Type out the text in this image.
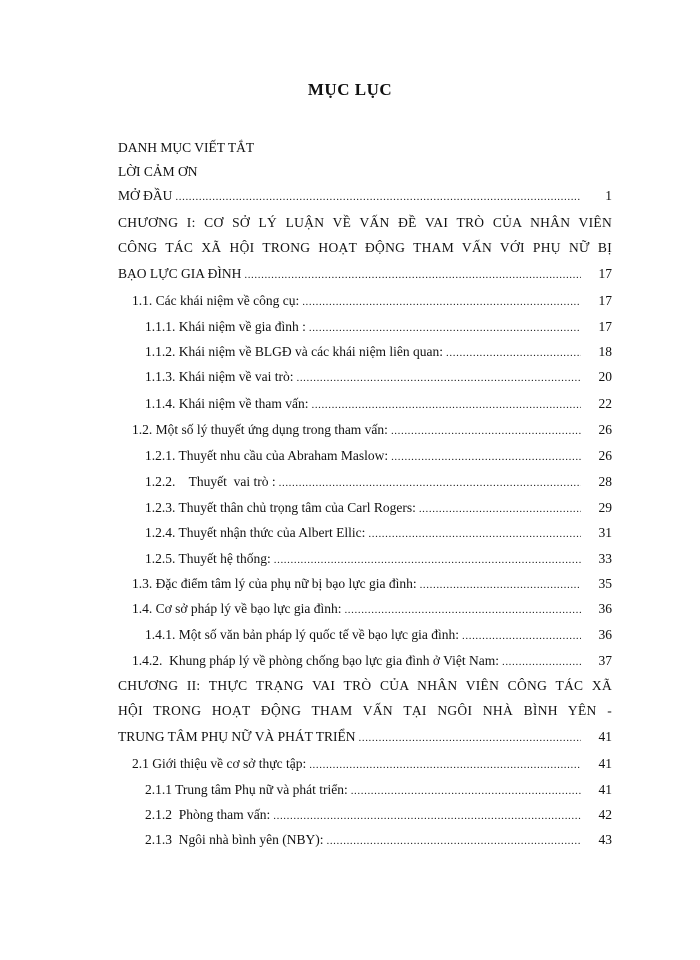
MỤC LỤC
DANH MỤC VIẾT TẮT
LỜI CẢM ƠN
MỞ ĐẦU .....	1
CHƯƠNG I: CƠ SỞ LÝ LUẬN VỀ VẤN ĐỀ VAI TRÒ CỦA NHÂN VIÊN
CÔNG TÁC XÃ HỘI TRONG HOẠT ĐỘNG THAM VẤN VỚI PHỤ NỮ BỊ
BẠO LỰC GIA ĐÌNH .....	17
1.1. Các khái niệm về công cụ: .....	17
1.1.1. Khái niệm về gia đình : .....	17
1.1.2. Khái niệm về BLGĐ và các khái niệm liên quan: .....	18
1.1.3. Khái niệm về vai trò: .....	20
1.1.4. Khái niệm về tham vấn: .....	22
1.2. Một số lý thuyết ứng dụng trong tham vấn: .....	26
1.2.1. Thuyết nhu cầu của Abraham Maslow: .....	26
1.2.2.    Thuyết  vai trò : .....	28
1.2.3. Thuyết thân chủ trọng tâm của Carl Rogers: .....	29
1.2.4. Thuyết nhận thức của Albert Ellic: .....	31
1.2.5. Thuyết hệ thống: .....	33
1.3. Đặc điểm tâm lý của phụ nữ bị bạo lực gia đình: .....	35
1.4. Cơ sở pháp lý về bạo lực gia đình: .....	36
1.4.1. Một số văn bản pháp lý quốc tế về bạo lực gia đình: .....	36
1.4.2.  Khung pháp lý về phòng chống bạo lực gia đình ở Việt Nam: .....	37
CHƯƠNG II: THỰC TRẠNG VAI TRÒ CỦA NHÂN VIÊN CÔNG TÁC XÃ
HỘI TRONG HOẠT ĐỘNG THAM VẤN TẠI NGÔI NHÀ BÌNH YÊN -
TRUNG TÂM PHỤ NỮ VÀ PHÁT TRIỂN .....	41
2.1 Giới thiệu về cơ sở thực tập: .....	41
2.1.1 Trung tâm Phụ nữ và phát triển: .....	41
2.1.2  Phòng tham vấn: .....	42
2.1.3  Ngôi nhà bình yên (NBY): .....	43
